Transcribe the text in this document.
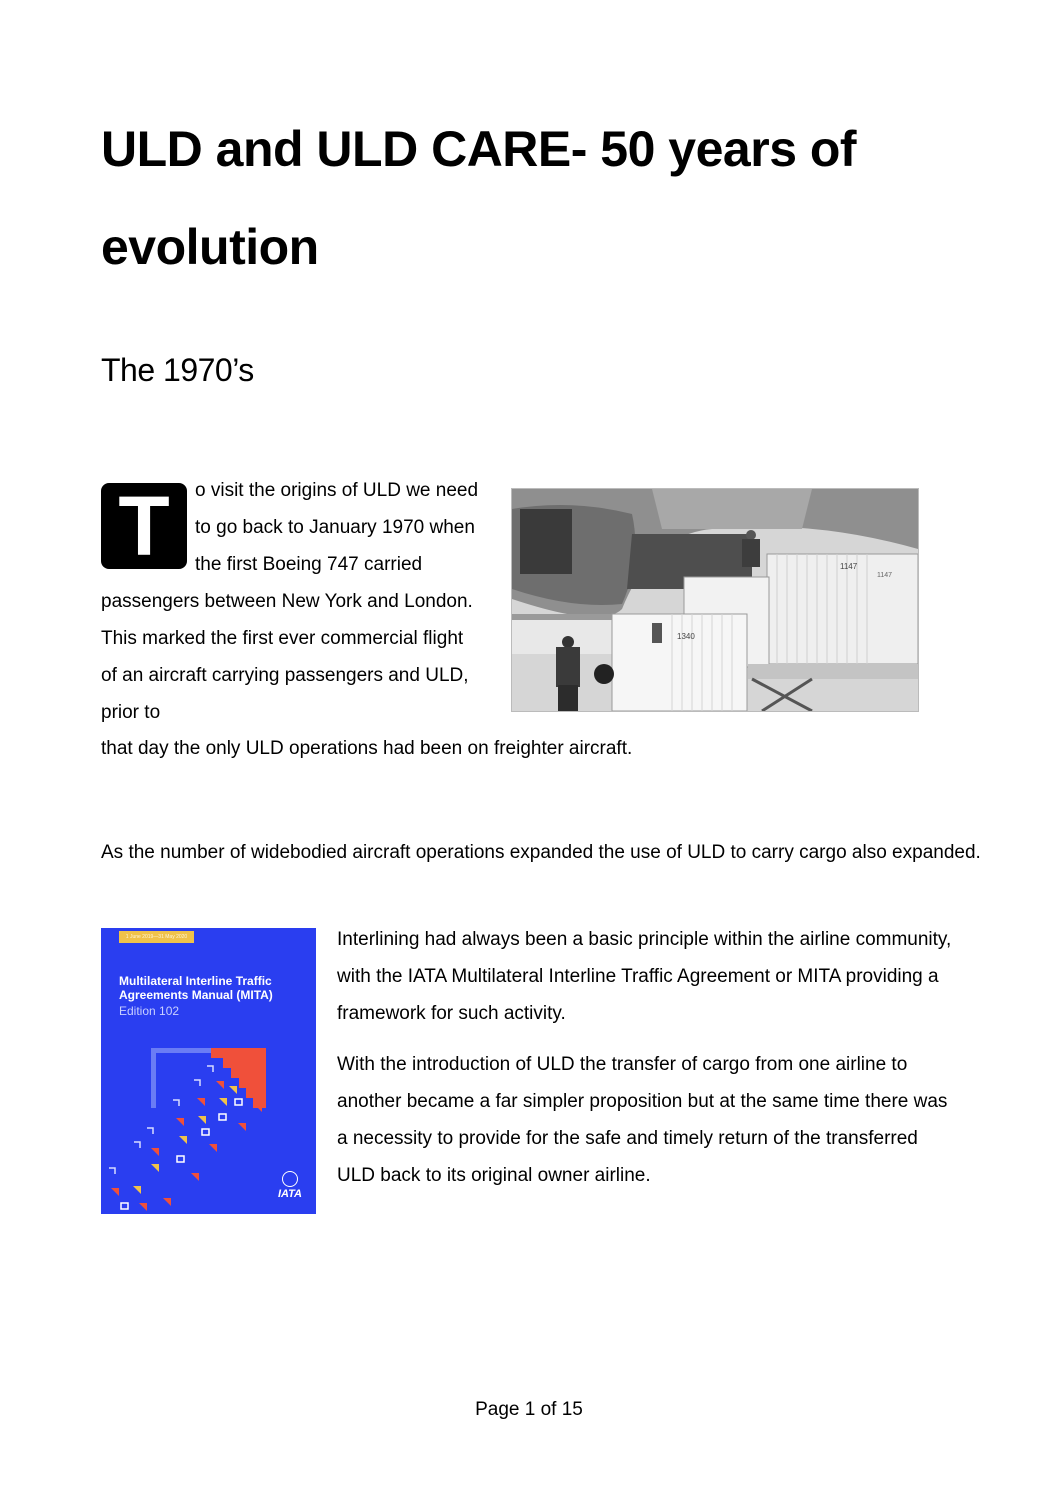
ULD and ULD CARE- 50 years of evolution
The 1970’s

T	o visit the origins of ULD we need to go back to January 1970 when the first Boeing 747 carried passengers between New York and London. This marked the first ever commercial flight of an aircraft carrying passengers and ULD, prior to

that day the only ULD operations had been on freighter aircraft.
1340
1147
1147

As the number of widebodied aircraft operations expanded the use of ULD to carry cargo also expanded.

1 June 2019—31 May 2020
Multilateral Interline Traffic Agreements Manual (MITA)
Edition 102
IATA

Interlining had always been a basic principle within the airline community, with the IATA Multilateral Interline Traffic Agreement or MITA providing a framework for such activity.

With the introduction of ULD the transfer of cargo from one airline to another became a far simpler proposition but at the same time there was a necessity to provide for the safe and timely return of the transferred ULD back to its original owner airline.

Page 1 of 15
